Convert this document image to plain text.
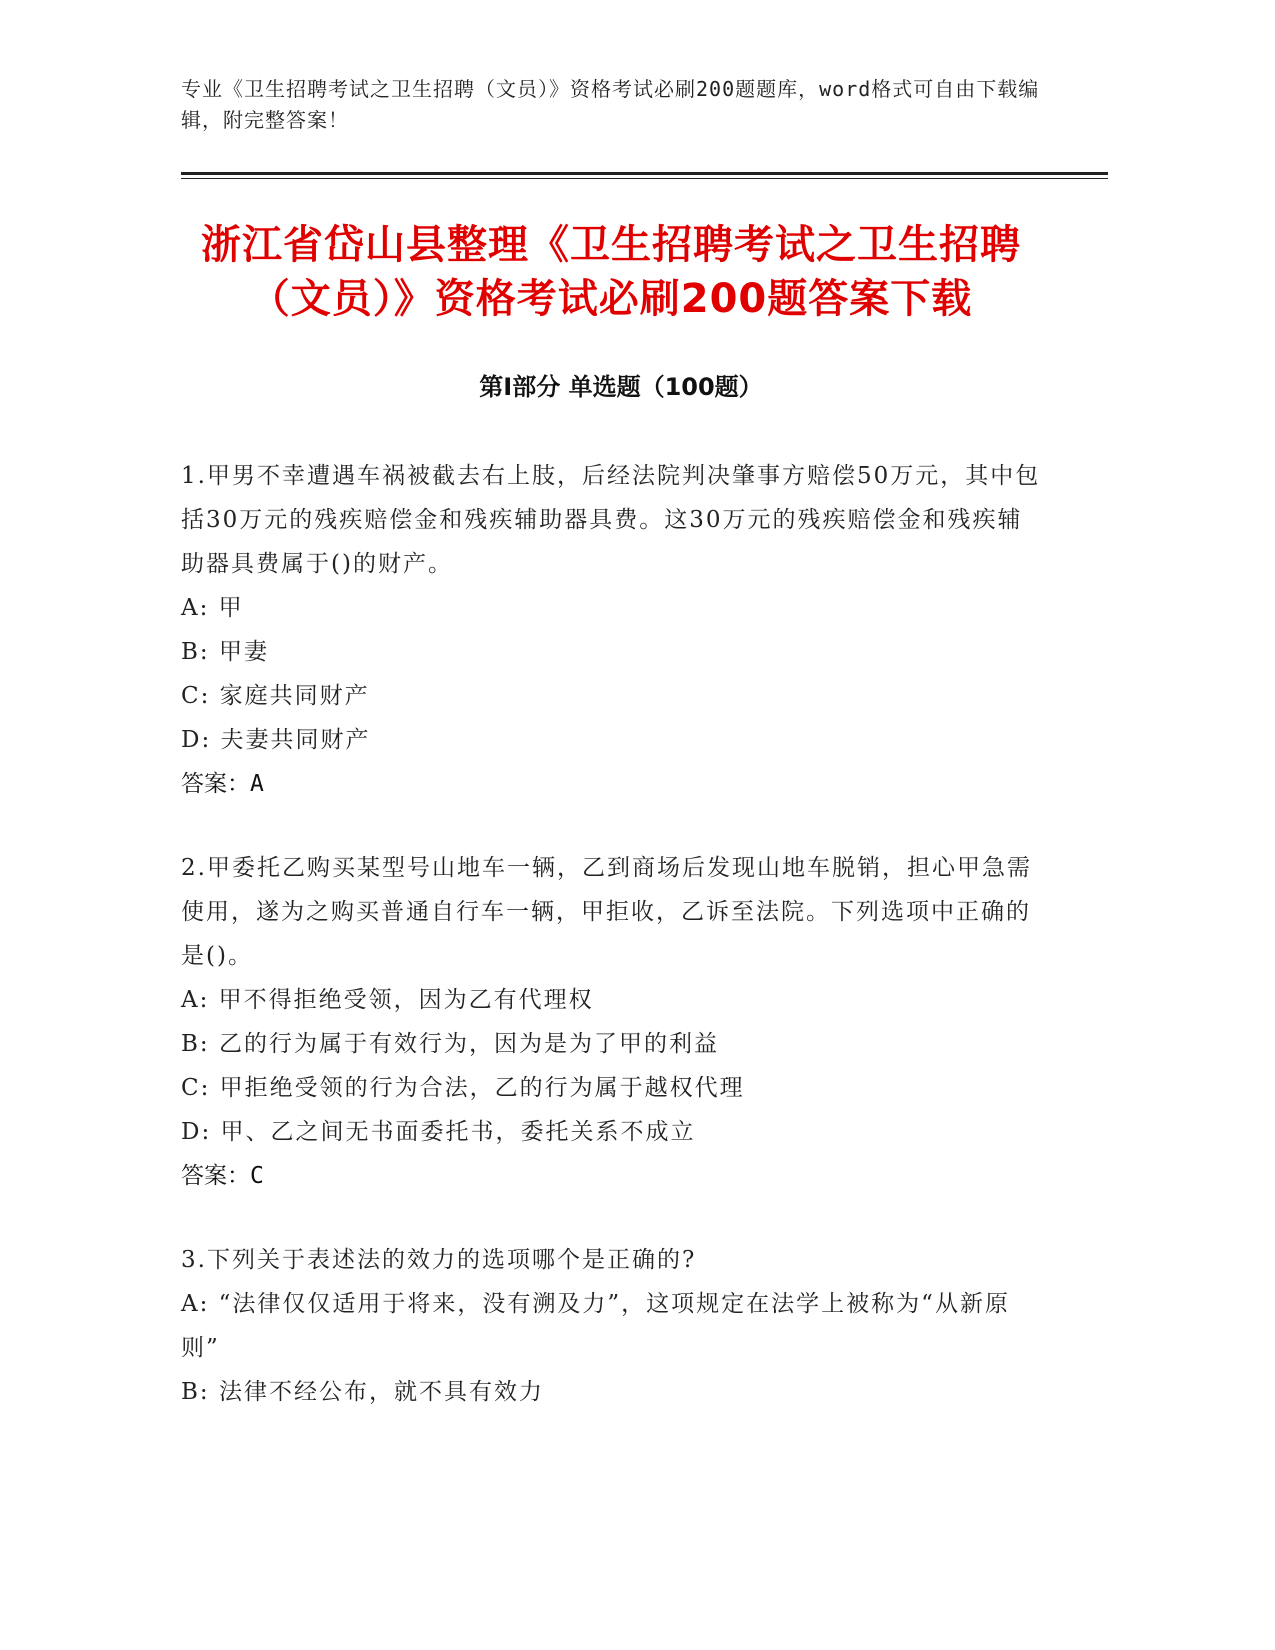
专业《卫生招聘考试之卫生招聘（文员）》资格考试必刷200题题库，word格式可自由下载编辑，附完整答案！
浙江省岱山县整理《卫生招聘考试之卫生招聘（文员）》资格考试必刷200题答案下载
第I部分 单选题（100题）
1.甲男不幸遭遇车祸被截去右上肢，后经法院判决肇事方赔偿50万元，其中包括30万元的残疾赔偿金和残疾辅助器具费。这30万元的残疾赔偿金和残疾辅助器具费属于()的财产。
A: 甲
B: 甲妻
C: 家庭共同财产
D: 夫妻共同财产
答案：A
2.甲委托乙购买某型号山地车一辆，乙到商场后发现山地车脱销，担心甲急需使用，遂为之购买普通自行车一辆，甲拒收，乙诉至法院。下列选项中正确的是()。
A: 甲不得拒绝受领，因为乙有代理权
B: 乙的行为属于有效行为，因为是为了甲的利益
C: 甲拒绝受领的行为合法，乙的行为属于越权代理
D: 甲、乙之间无书面委托书，委托关系不成立
答案：C
3.下列关于表述法的效力的选项哪个是正确的?
A: “法律仅仅适用于将来，没有溯及力”，这项规定在法学上被称为“从新原则”
B: 法律不经公布，就不具有效力
